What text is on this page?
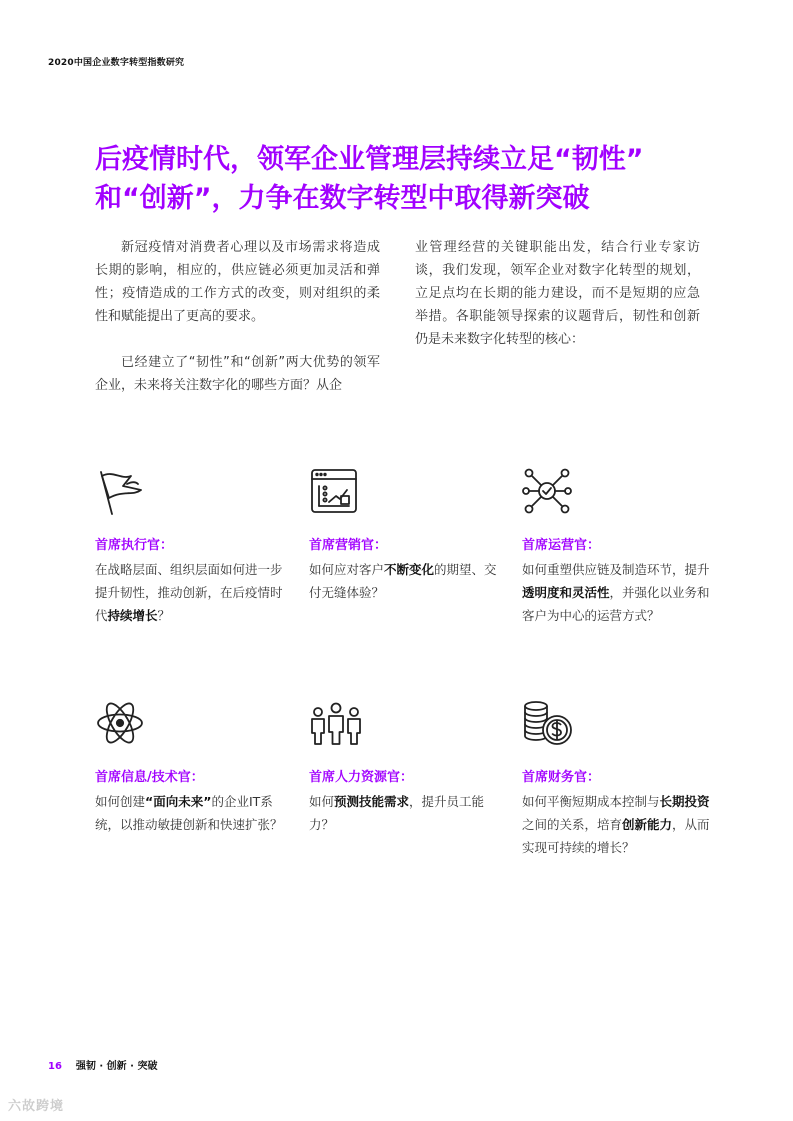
2020中国企业数字转型指数研究
后疫情时代，领军企业管理层持续立足“韧性”
和“创新”，力争在数字转型中取得新突破

新冠疫情对消费者心理以及市场需求将造成长期的影响，相应的，供应链必须更加灵活和弹性；疫情造成的工作方式的改变，则对组织的柔性和赋能提出了更高的要求。

已经建立了“韧性”和“创新”两大优势的领军企业，未来将关注数字化的哪些方面？从企

业管理经营的关键职能出发，结合行业专家访谈，我们发现，领军企业对数字化转型的规划，立足点均在长期的能力建设，而不是短期的应急举措。各职能领导探索的议题背后，韧性和创新仍是未来数字化转型的核心：

首席执行官：

在战略层面、组织层面如何进一步提升韧性，推动创新，在后疫情时代持续增长？

首席营销官：

如何应对客户不断变化的期望、交付无缝体验？

首席运营官：

如何重塑供应链及制造环节，提升透明度和灵活性，并强化以业务和客户为中心的运营方式？

首席信息/技术官：

如何创建“面向未来”的企业IT系统，以推动敏捷创新和快速扩张？

首席人力资源官：

如何预测技能需求，提升员工能力？

首席财务官：

如何平衡短期成本控制与长期投资之间的关系，培育创新能力，从而实现可持续的增长？

16 强韧 · 创新 · 突破
六故跨境
